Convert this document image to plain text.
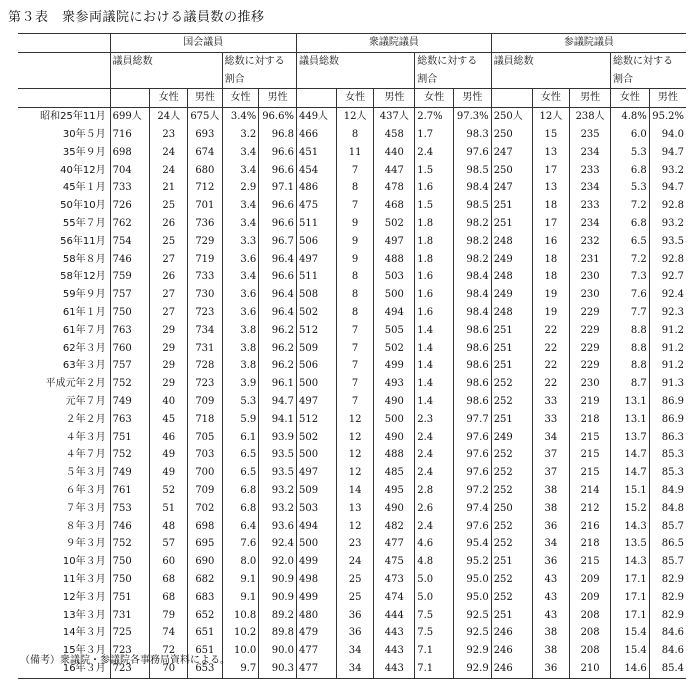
第３表　衆参両議院における議員数の推移
	国会議員					衆議院議員					参議院議員				
	議員総数			総数に対する		議員総数			総数に対する		議員総数			総数に対する	
				割合					割合					割合	
		女性	男性	女性	男性		女性	男性	女性	男性		女性	男性	女性	男性
昭和25年11月	699人	24人	675人	3.4%	96.6%	449人	12人	437人	2.7%	97.3%	250人	12人	238人	4.8%	95.2%
30年５月	716	23	693	3.2	96.8	466	8	458	1.7	98.3	250	15	235	6.0	94.0
35年９月	698	24	674	3.4	96.6	451	11	440	2.4	97.6	247	13	234	5.3	94.7
40年12月	704	24	680	3.4	96.6	454	7	447	1.5	98.5	250	17	233	6.8	93.2
45年１月	733	21	712	2.9	97.1	486	8	478	1.6	98.4	247	13	234	5.3	94.7
50年10月	726	25	701	3.4	96.6	475	7	468	1.5	98.5	251	18	233	7.2	92.8
55年７月	762	26	736	3.4	96.6	511	9	502	1.8	98.2	251	17	234	6.8	93.2
56年11月	754	25	729	3.3	96.7	506	9	497	1.8	98.2	248	16	232	6.5	93.5
58年８月	746	27	719	3.6	96.4	497	9	488	1.8	98.2	249	18	231	7.2	92.8
58年12月	759	26	733	3.4	96.6	511	8	503	1.6	98.4	248	18	230	7.3	92.7
59年９月	757	27	730	3.6	96.4	508	8	500	1.6	98.4	249	19	230	7.6	92.4
61年１月	750	27	723	3.6	96.4	502	8	494	1.6	98.4	248	19	229	7.7	92.3
61年７月	763	29	734	3.8	96.2	512	7	505	1.4	98.6	251	22	229	8.8	91.2
62年３月	760	29	731	3.8	96.2	509	7	502	1.4	98.6	251	22	229	8.8	91.2
63年３月	757	29	728	3.8	96.2	506	7	499	1.4	98.6	251	22	229	8.8	91.2
平成元年２月	752	29	723	3.9	96.1	500	7	493	1.4	98.6	252	22	230	8.7	91.3
元年７月	749	40	709	5.3	94.7	497	7	490	1.4	98.6	252	33	219	13.1	86.9
２年２月	763	45	718	5.9	94.1	512	12	500	2.3	97.7	251	33	218	13.1	86.9
４年３月	751	46	705	6.1	93.9	502	12	490	2.4	97.6	249	34	215	13.7	86.3
４年７月	752	49	703	6.5	93.5	500	12	488	2.4	97.6	252	37	215	14.7	85.3
５年３月	749	49	700	6.5	93.5	497	12	485	2.4	97.6	252	37	215	14.7	85.3
６年３月	761	52	709	6.8	93.2	509	14	495	2.8	97.2	252	38	214	15.1	84.9
７年３月	753	51	702	6.8	93.2	503	13	490	2.6	97.4	250	38	212	15.2	84.8
８年３月	746	48	698	6.4	93.6	494	12	482	2.4	97.6	252	36	216	14.3	85.7
９年３月	752	57	695	7.6	92.4	500	23	477	4.6	95.4	252	34	218	13.5	86.5
10年３月	750	60	690	8.0	92.0	499	24	475	4.8	95.2	251	36	215	14.3	85.7
11年３月	750	68	682	9.1	90.9	498	25	473	5.0	95.0	252	43	209	17.1	82.9
12年３月	751	68	683	9.1	90.9	499	25	474	5.0	95.0	252	43	209	17.1	82.9
13年３月	731	79	652	10.8	89.2	480	36	444	7.5	92.5	251	43	208	17.1	82.9
14年３月	725	74	651	10.2	89.8	479	36	443	7.5	92.5	246	38	208	15.4	84.6
15年３月	723	72	651	10.0	90.0	477	34	443	7.1	92.9	246	38	208	15.4	84.6
16年３月	723	70	653	9.7	90.3	477	34	443	7.1	92.9	246	36	210	14.6	85.4
（備考）衆議院・参議院各事務局資料による。
